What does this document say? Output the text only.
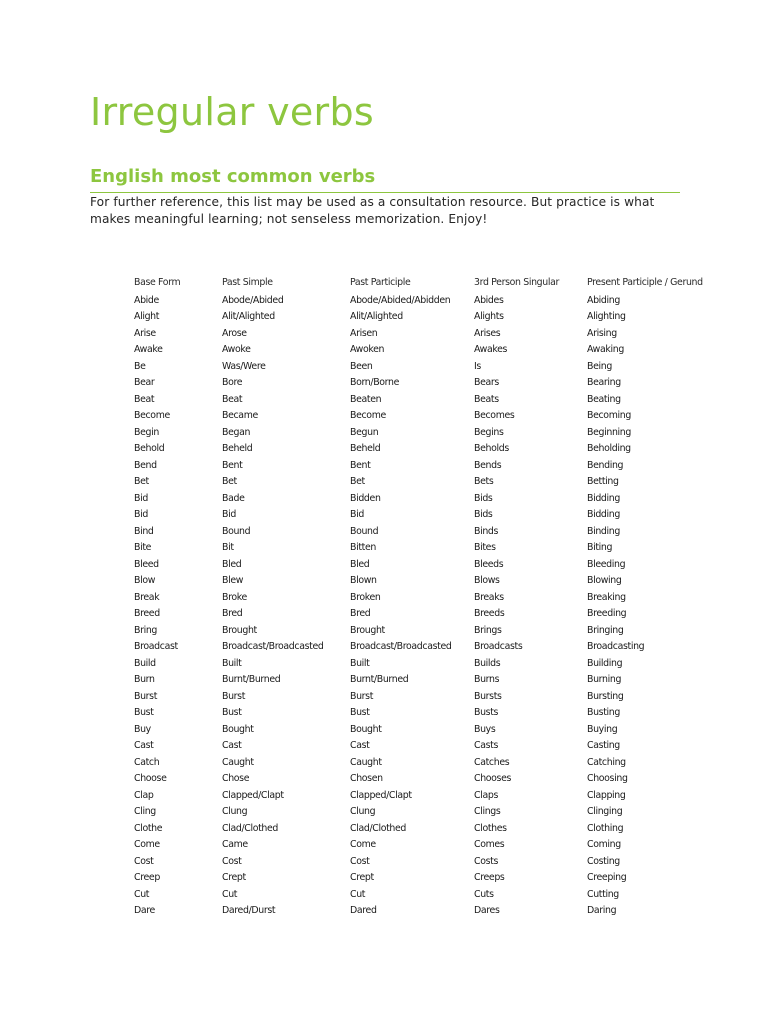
Irregular verbs
English most common verbs

For further reference, this list may be used as a consultation resource. But practice is what makes meaningful learning; not senseless memorization. Enjoy!

Base Form	Past Simple	Past Participle	3rd Person Singular	Present Participle / Gerund
Abide	Abode/Abided	Abode/Abided/Abidden	Abides	Abiding
Alight	Alit/Alighted	Alit/Alighted	Alights	Alighting
Arise	Arose	Arisen	Arises	Arising
Awake	Awoke	Awoken	Awakes	Awaking
Be	Was/Were	Been	Is	Being
Bear	Bore	Born/Borne	Bears	Bearing
Beat	Beat	Beaten	Beats	Beating
Become	Became	Become	Becomes	Becoming
Begin	Began	Begun	Begins	Beginning
Behold	Beheld	Beheld	Beholds	Beholding
Bend	Bent	Bent	Bends	Bending
Bet	Bet	Bet	Bets	Betting
Bid	Bade	Bidden	Bids	Bidding
Bid	Bid	Bid	Bids	Bidding
Bind	Bound	Bound	Binds	Binding
Bite	Bit	Bitten	Bites	Biting
Bleed	Bled	Bled	Bleeds	Bleeding
Blow	Blew	Blown	Blows	Blowing
Break	Broke	Broken	Breaks	Breaking
Breed	Bred	Bred	Breeds	Breeding
Bring	Brought	Brought	Brings	Bringing
Broadcast	Broadcast/Broadcasted	Broadcast/Broadcasted	Broadcasts	Broadcasting
Build	Built	Built	Builds	Building
Burn	Burnt/Burned	Burnt/Burned	Burns	Burning
Burst	Burst	Burst	Bursts	Bursting
Bust	Bust	Bust	Busts	Busting
Buy	Bought	Bought	Buys	Buying
Cast	Cast	Cast	Casts	Casting
Catch	Caught	Caught	Catches	Catching
Choose	Chose	Chosen	Chooses	Choosing
Clap	Clapped/Clapt	Clapped/Clapt	Claps	Clapping
Cling	Clung	Clung	Clings	Clinging
Clothe	Clad/Clothed	Clad/Clothed	Clothes	Clothing
Come	Came	Come	Comes	Coming
Cost	Cost	Cost	Costs	Costing
Creep	Crept	Crept	Creeps	Creeping
Cut	Cut	Cut	Cuts	Cutting
Dare	Dared/Durst	Dared	Dares	Daring
